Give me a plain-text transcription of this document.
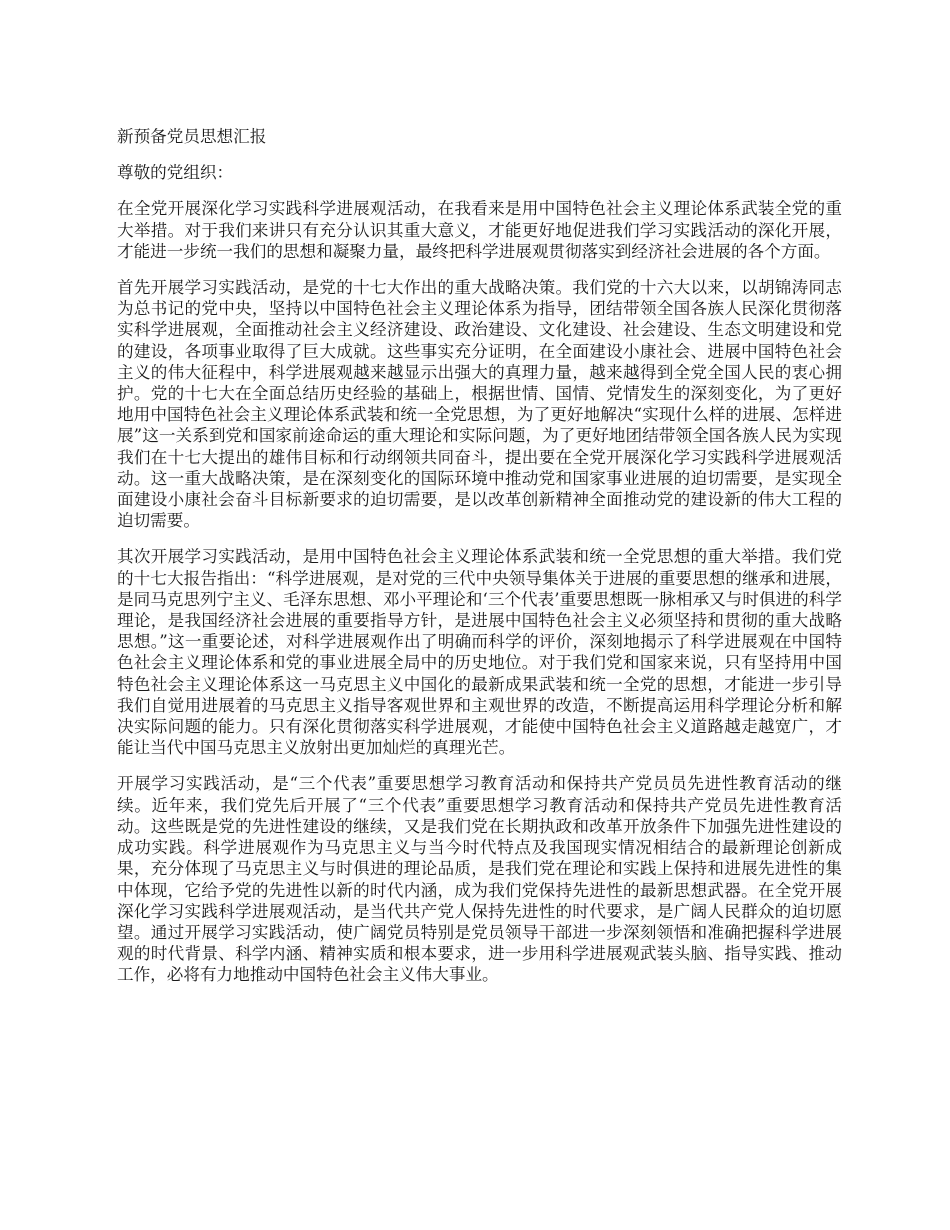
新预备党员思想汇报
尊敬的党组织：
在全党开展深化学习实践科学进展观活动，在我看来是用中国特色社会主义理论体系武装全党的重大举措。对于我们来讲只有充分认识其重大意义，才能更好地促进我们学习实践活动的深化开展，才能进一步统一我们的思想和凝聚力量，最终把科学进展观贯彻落实到经济社会进展的各个方面。
首先开展学习实践活动，是党的十七大作出的重大战略决策。我们党的十六大以来，以胡锦涛同志为总书记的党中央，坚持以中国特色社会主义理论体系为指导，团结带领全国各族人民深化贯彻落实科学进展观，全面推动社会主义经济建设、政治建设、文化建设、社会建设、生态文明建设和党的建设，各项事业取得了巨大成就。这些事实充分证明，在全面建设小康社会、进展中国特色社会主义的伟大征程中，科学进展观越来越显示出强大的真理力量，越来越得到全党全国人民的衷心拥护。党的十七大在全面总结历史经验的基础上，根据世情、国情、党情发生的深刻变化，为了更好地用中国特色社会主义理论体系武装和统一全党思想，为了更好地解决“实现什么样的进展、怎样进展”这一关系到党和国家前途命运的重大理论和实际问题，为了更好地团结带领全国各族人民为实现我们在十七大提出的雄伟目标和行动纲领共同奋斗，提出要在全党开展深化学习实践科学进展观活动。这一重大战略决策，是在深刻变化的国际环境中推动党和国家事业进展的迫切需要，是实现全面建设小康社会奋斗目标新要求的迫切需要，是以改革创新精神全面推动党的建设新的伟大工程的迫切需要。
其次开展学习实践活动，是用中国特色社会主义理论体系武装和统一全党思想的重大举措。我们党的十七大报告指出：“科学进展观，是对党的三代中央领导集体关于进展的重要思想的继承和进展，是同马克思列宁主义、毛泽东思想、邓小平理论和‘三个代表’重要思想既一脉相承又与时俱进的科学理论，是我国经济社会进展的重要指导方针，是进展中国特色社会主义必须坚持和贯彻的重大战略思想。”这一重要论述，对科学进展观作出了明确而科学的评价，深刻地揭示了科学进展观在中国特色社会主义理论体系和党的事业进展全局中的历史地位。对于我们党和国家来说，只有坚持用中国特色社会主义理论体系这一马克思主义中国化的最新成果武装和统一全党的思想，才能进一步引导我们自觉用进展着的马克思主义指导客观世界和主观世界的改造，不断提高运用科学理论分析和解决实际问题的能力。只有深化贯彻落实科学进展观，才能使中国特色社会主义道路越走越宽广，才能让当代中国马克思主义放射出更加灿烂的真理光芒。
开展学习实践活动，是“三个代表”重要思想学习教育活动和保持共产党员员先进性教育活动的继续。近年来，我们党先后开展了“三个代表”重要思想学习教育活动和保持共产党员先进性教育活动。这些既是党的先进性建设的继续，又是我们党在长期执政和改革开放条件下加强先进性建设的成功实践。科学进展观作为马克思主义与当今时代特点及我国现实情况相结合的最新理论创新成果，充分体现了马克思主义与时俱进的理论品质，是我们党在理论和实践上保持和进展先进性的集中体现，它给予党的先进性以新的时代内涵，成为我们党保持先进性的最新思想武器。在全党开展深化学习实践科学进展观活动，是当代共产党人保持先进性的时代要求，是广阔人民群众的迫切愿望。通过开展学习实践活动，使广阔党员特别是党员领导干部进一步深刻领悟和准确把握科学进展观的时代背景、科学内涵、精神实质和根本要求，进一步用科学进展观武装头脑、指导实践、推动工作，必将有力地推动中国特色社会主义伟大事业。
